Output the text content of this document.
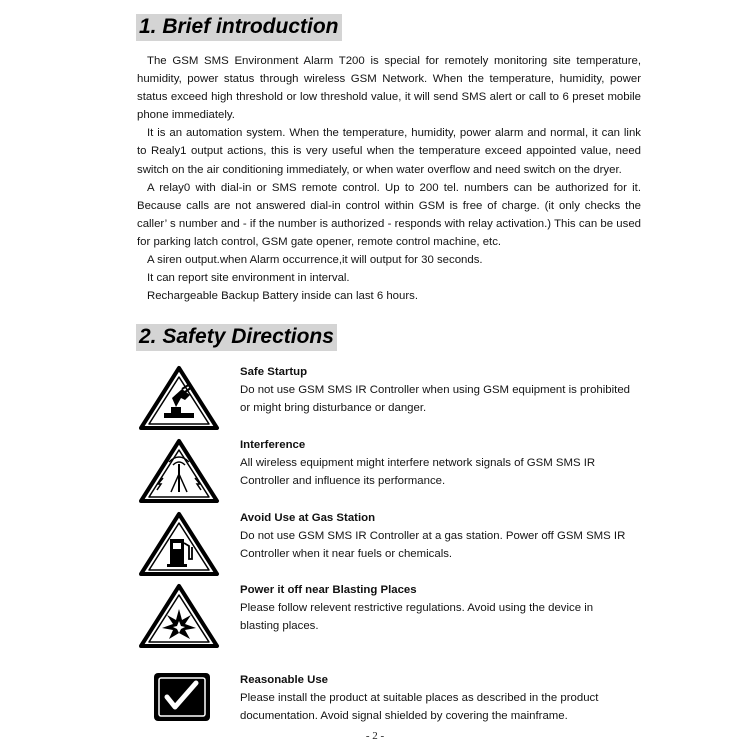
1. Brief introduction

The GSM SMS Environment Alarm T200 is special for remotely monitoring site temperature, humidity, power status through wireless GSM Network. When the temperature, humidity, power status exceed high threshold or low threshold value, it will send SMS alert or call to 6 preset mobile phone immediately.

It is an automation system. When the temperature, humidity, power alarm and normal, it can link to Realy1 output actions, this is very useful when the temperature exceed appointed value, need switch on the air conditioning immediately, or when water overflow and need switch on the dryer.

A relay0 with dial-in or SMS remote control. Up to 200 tel. numbers can be authorized for it. Because calls are not answered dial-in control within GSM is free of charge. (it only checks the caller’ s number and - if the number is authorized - responds with relay activation.) This can be used for parking latch control, GSM gate opener, remote control machine, etc.

A siren output.when Alarm occurrence,it will output for 30 seconds.

It can report site environment in interval.

Rechargeable Backup Battery inside can last 6 hours.

2. Safety Directions
Safe Startup
Do not use GSM SMS IR Controller when using GSM equipment is prohibited or might bring disturbance or danger.
Interference
All wireless equipment might interfere network signals of GSM SMS IR Controller and influence its performance.
Avoid Use at Gas Station
Do not use GSM SMS IR Controller at a gas station. Power off GSM SMS IR Controller when it near fuels or chemicals.
Power it off near Blasting Places
Please follow relevent restrictive regulations. Avoid using the device in blasting places.
Reasonable Use
Please install the product at suitable places as described in the product documentation. Avoid signal shielded by covering the mainframe.
- 2 -
